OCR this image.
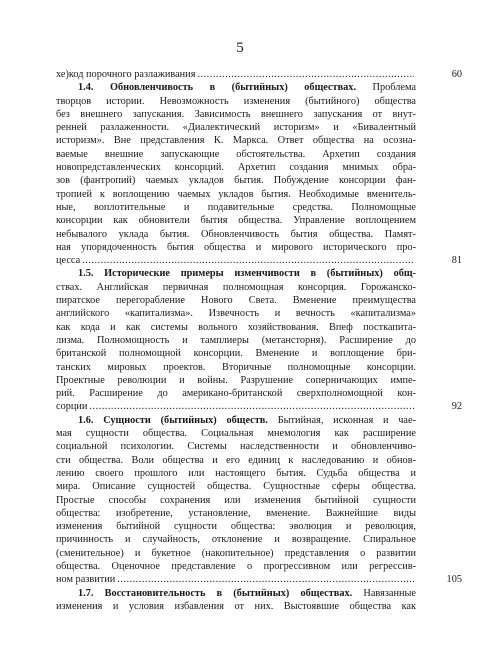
5
хе)код порочного разлаживания .....	60
1.4. Обновленчивость в (бытийных) обществах. Проблема
творцов истории. Невозможность изменения (бытийного) общества
без внешнего запускания. Зависимость внешнего запускания от внут-
ренней разлаженности. «Диалектический историзм» и «Бивалентный
историзм». Вне представления К. Маркса. Ответ общества на осозна-
ваемые внешние запускающие обстоятельства. Архетип создания
новопредставленческих консорций. Архетип создания мнимых обра-
зов (фантропий) чаемых укладов бытия. Побуждение консорции фан-
тропией к воплощению чаемых укладов бытия. Необходимые вменитель-
ные, воплотительные и подавительные средства. Полномощные
консорции как обновители бытия общества. Управление воплощением
небывалого уклада бытия. Обновленчивость бытия общества. Памят-
ная упорядоченность бытия общества и мирового исторического про-
цесса .....	81
1.5. Исторические примеры изменчивости в (бытийных) общ-
ствах. Английская первичная полномощная консорция. Горожанско-
пиратское перегорабление Нового Света. Вменение преимущества
английского «капитализма». Извечность и вечность «капитализма»
как кода и как системы вольного хозяйствования. Впеф посткапита-
лизма. Полномощность и тамплиеры (метансторня). Расширение до
британской полномощной консорции. Вменение и воплощение бри-
танских мировых проектов. Вторичные полномощные консорции.
Проектные революции и войны. Разрушение соперничающих импе-
рий. Расширение до американо-британской сверхполномощной кон-
сорции .....	92
1.6. Сущности (бытийных) обществ. Бытийная, исконная и чае-
мая сущности общества. Социальная мнемология как расширение
социальной психологии. Системы наследственности и обновленчиво-
сти общества. Воли общества и его единиц к наследованию и обнов-
лению своего прошлого или настоящего бытия. Судьба общества и
мира. Описание сущностей общества. Сущностные сферы общества.
Простые способы сохранения или изменения бытийной сущности
общества: изобретение, установление, вменение. Важнейшие виды
изменения бытийной сущности общества: эволюция и революция,
причинность и случайность, отклонение и возвращение. Спиральное
(сменительное) и букетное (накопительное) представления о развитии
общества. Оценочное представление о прогрессивном или регрессив-
ном развитии .....	105
1.7. Восстановительность в (бытийных) обществах. Навязанные
изменения и условия избавления от них. Выстоявшие общества как
